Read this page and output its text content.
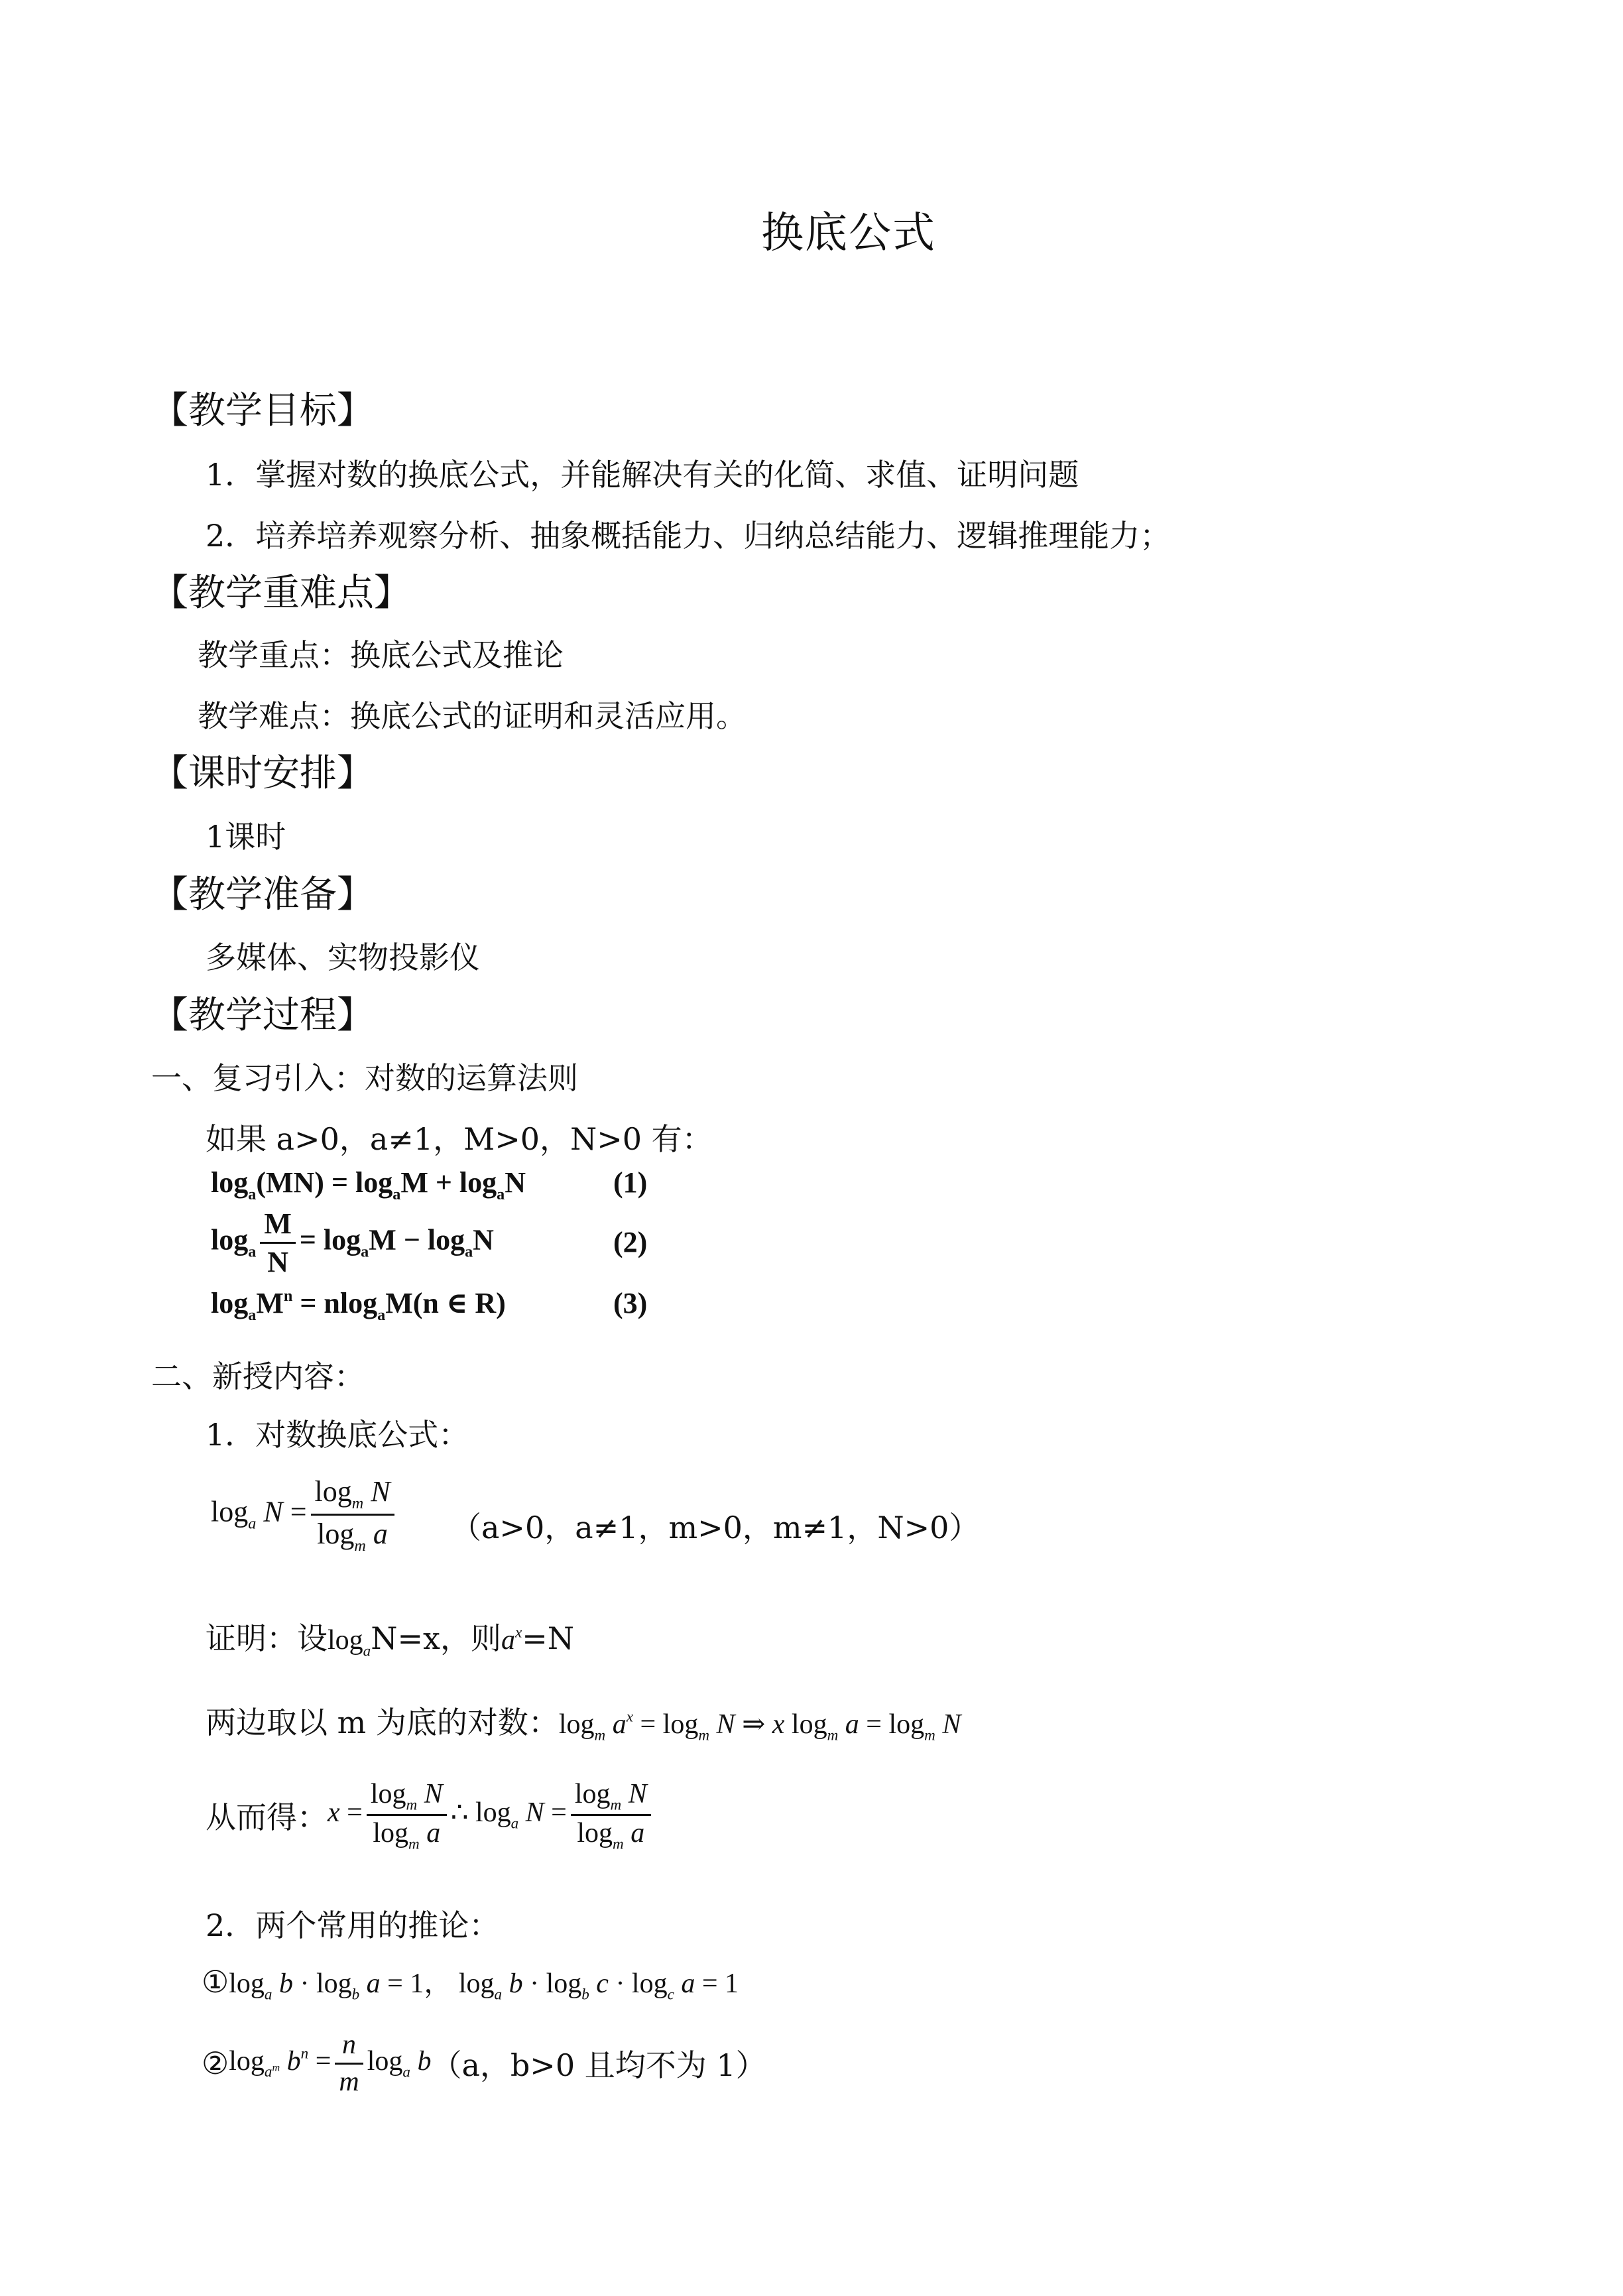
换底公式
【教学目标】
1．掌握对数的换底公式，并能解决有关的化简、求值、证明问题
2．培养培养观察分析、抽象概括能力、归纳总结能力、逻辑推理能力；
【教学重难点】
教学重点：换底公式及推论
教学难点：换底公式的证明和灵活应用。
【课时安排】
1课时
【教学准备】
多媒体、实物投影仪
【教学过程】
一、复习引入：对数的运算法则
如果 a>0，a≠1，M>0，N>0 有：
$\log_a(MN) = \log_aM + \log_aN$	(1)
$\log_a \frac{M}{N} = \log_aM - \log_aN$	(2)
$\log_aM^n = nlog_aM(n$ ∈ R)	(3)
二、新授内容：
1．对数换底公式：
$\log_a N = \frac{\log_m N}{\log_m a} (a>0$，a≠1，m>0，m≠1，N>0）
证明：设$\log_aN=x$，则$a^x=N$
两边取以 m 为底的对数：$\log_m a^x = \log_m N$ ⇒ x $\log_m a = \log_m N$
从而得：$x = \frac{\log_m N}{\log_m a}$ ∴ $\log_a N = \frac{\log_m N}{\log_m a}$
2．两个常用的推论：
$①\log_a$ $b \cdot \log_b a = 1$， $\log_a b \cdot \log_b c \cdot \log_c a = 1$
$②\log_{a^m}$ $b^n = \frac{n}{m} \log_a b(a$，b>0 且均不为 1）
